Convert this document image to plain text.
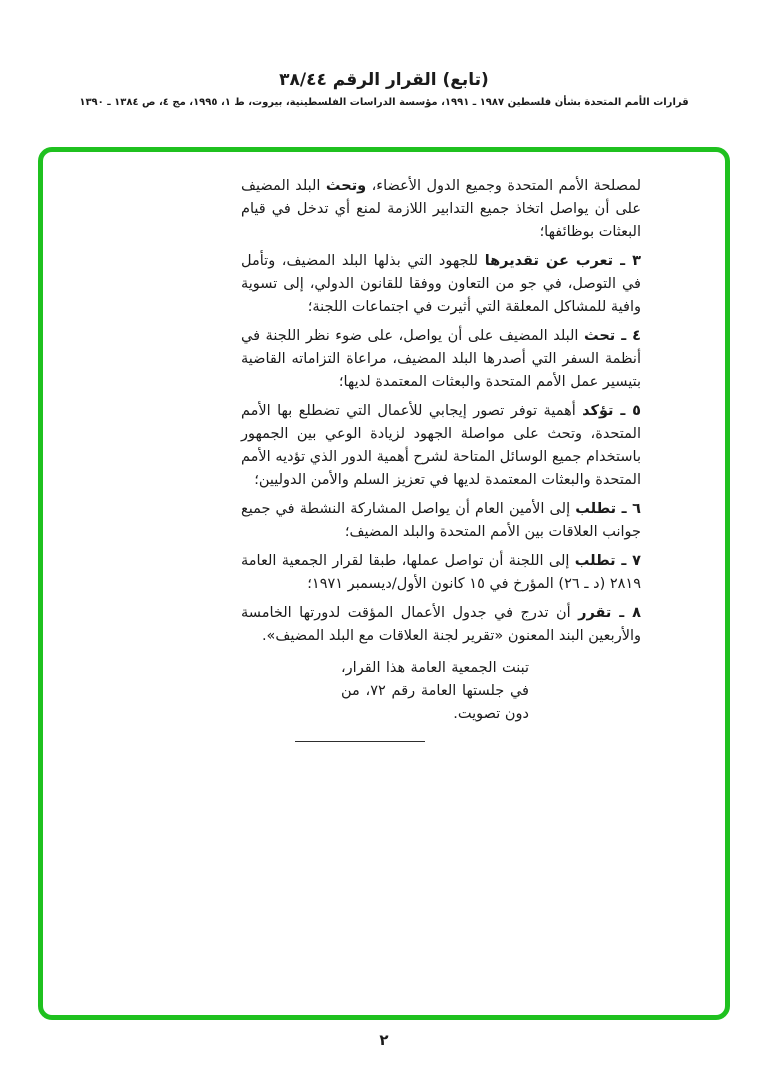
(تابع) القرار الرقم ٣٨/٤٤
قرارات الأمم المتحدة بشأن فلسطين ١٩٨٧ ـ ١٩٩١، مؤسسة الدراسات الفلسطينية، بيروت، ط ١، ١٩٩٥، مج ٤، ص ١٣٨٤ ـ ١٣٩٠

لمصلحة الأمم المتحدة وجميع الدول الأعضاء، وتحث البلد المضيف على أن يواصل اتخاذ جميع التدابير اللازمة لمنع أي تدخل في قيام البعثات بوظائفها؛

٣ ـ تعرب عن تقديرها للجهود التي بذلها البلد المضيف، وتأمل في التوصل، في جو من التعاون ووفقا للقانون الدولي، إلى تسوية وافية للمشاكل المعلقة التي أثيرت في اجتماعات اللجنة؛

٤ ـ تحث البلد المضيف على أن يواصل، على ضوء نظر اللجنة في أنظمة السفر التي أصدرها البلد المضيف، مراعاة التزاماته القاضية بتيسير عمل الأمم المتحدة والبعثات المعتمدة لديها؛

٥ ـ تؤكد أهمية توفر تصور إيجابي للأعمال التي تضطلع بها الأمم المتحدة، وتحث على مواصلة الجهود لزيادة الوعي بين الجمهور باستخدام جميع الوسائل المتاحة لشرح أهمية الدور الذي تؤديه الأمم المتحدة والبعثات المعتمدة لديها في تعزيز السلم والأمن الدوليين؛

٦ ـ تطلب إلى الأمين العام أن يواصل المشاركة النشطة في جميع جوانب العلاقات بين الأمم المتحدة والبلد المضيف؛

٧ ـ تطلب إلى اللجنة أن تواصل عملها، طبقا لقرار الجمعية العامة ٢٨١٩ (د ـ ٢٦) المؤرخ في ١٥ كانون الأول/ديسمبر ١٩٧١؛

٨ ـ تقرر أن تدرج في جدول الأعمال المؤقت لدورتها الخامسة والأربعين البند المعنون «تقرير لجنة العلاقات مع البلد المضيف».

تبنت الجمعية العامة هذا القرار، في جلستها العامة رقم ٧٢، من دون تصويت.
٢
